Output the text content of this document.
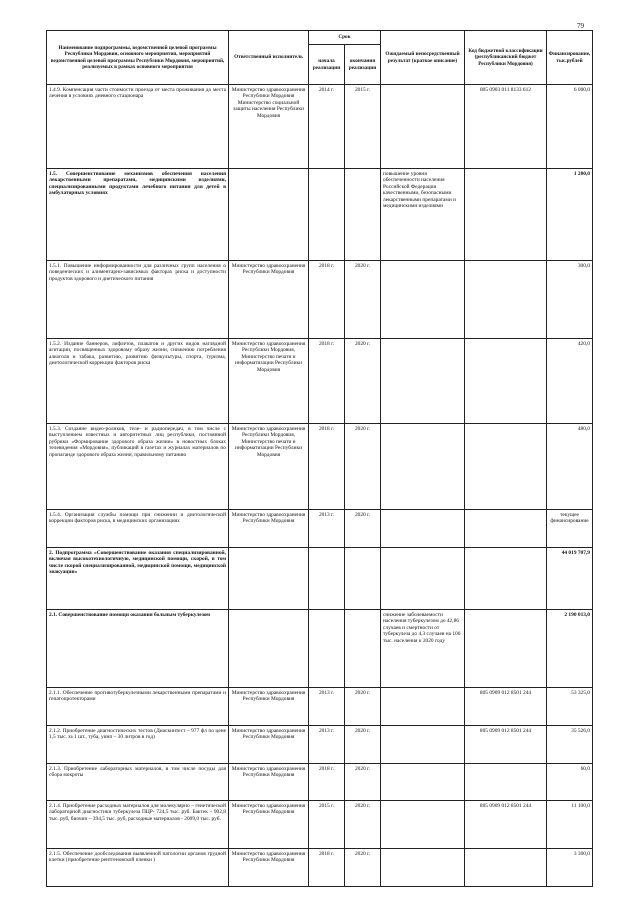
79
Наименование подпрограммы, ведомственной целевой программы Республики Мордовия, основного мероприятия, мероприятий ведомственной целевой программы Республики Мордовия, мероприятий, реализуемых в рамках основного мероприятия	Ответственный исполнитель	Срок		Ожидаемый непосредственный результат (краткое описание)	Код бюджетной классификации (республиканский бюджет Республики Мордовия)	Финансирование, тыс.рублей
		начала реализации	окончания реализации			
1.4.9. Компенсация части стоимости проезда от места проживания до места лечения в условиях дневного стационара	Министерство здравоохранения Республики Мордовия Министерство социальной защиты населения Республики Мордовия	2014 г.	2015 г.		805 0903 011 8133 612	6 000,0
1.5. Совершенствование механизмов обеспечения населения лекарственными препаратами, медицинскими изделиями, специализированными продуктами лечебного питания для детей в амбулаторных условиях				повышение уровня обеспеченности населения Российской Федерации качественными, безопасными лекарственными препаратами и медицинскими изделиями		1 200,0
1.5.1. Повышение информированности для различных групп населения о поведенческих и алиментарно-зависимых факторах риска и доступности продуктов здорового и диетического питания	Министерство здравоохранения Республики Мордовия	2018 г.	2020 г.			300,0
1.5.2. Издание баннеров, лифлетов, плакатов и других видов наглядной агитации, посвященных здоровому образу жизни, снижению потребления алкоголя и табака, развитию, развитию физкультуры, спорта, туризма, диетологической коррекции факторов риска	Министерство здравоохранения Республики Мордовия, Министерство печати и информатизации Республики Мордовия	2018 г.	2020 г.			420,0
1.5.3. Создание видео-роликов, теле- и радиопередач, в том числе с выступлением известных и авторитетных лиц республики, постоянной рубрики «Формирование здорового образа жизни» в новостных блоках телевидения «Мордовия», публикаций в газетах и журналах материалов по пропаганде здорового образа жизни, правильному питанию	Министерство здравоохранения Республики Мордовия, Министерство печати и информатизации Республики Мордовия	2018 г.	2020 г.			480,0
1.5.4. Организация службы помощи при снижении и диетологической коррекции факторов риска, в медицинских организациях	Министерство здравоохранения Республики Мордовия	2013 г.	2020 г.			текущее финансирование
2. Подпрограмма «Совершенствование оказания специализированной, включая высокотехнологичную, медицинской помощи, скорой, в том числе скорой специализированной, медицинской помощи, медицинской эвакуации»						44 019 707,9
2.1. Совершенствование помощи оказания больным туберкулезом				снижение заболеваемости населения туберкулезом до 42,86 случаев и смертности от туберкулеза до 4,3 случаев на 100 тыс. населения к 2020 году		2 190 013,0
2.1.1. Обеспечение противотуберкулезными лекарственными препаратами и гепатопротекторами	Министерство здравоохранения Республики Мордовия	2013 г.	2020 г.		805 0909 012 8501 244	53 325,0
2.1.2. Приобретение диагностических тестов (Диаскинтест – 977 фл по цене 1,5 тыс. за 1 шт., туба, уинп – 30 литров в год)	Министерство здравоохранения Республики Мордовия	2013 г.	2020 г.		805 0909 012 8501 244	35 526,0
2.1.3. Приобретение лабораторных материалов, в том числе посуды для сбора мокроты	Министерство здравоохранения Республики Мордовия	2018 г.	2020 г.			60,0
2.1.4. Приобретение расходных материалов для молекулярно – генетической лабораторной диагностики туберкулеза ПЦР- 724,5 тыс. руб. Бактек – 902,8 тыс. руб, биочип – 394,5 тыс. руб, расходные материалов - 2009,0 тыс. руб.	Министерство здравоохранения Республики Мордовия	2015 г.	2020 г.		805 0909 012 8501 244	11 100,0
2.1.5. Обеспечение дообследования выявленной патологии органов грудной клетки (приобретение рентгеновской пленки )	Министерство здравоохранения Республики Мордовия	2018 г.	2020 г.			3 300,0
